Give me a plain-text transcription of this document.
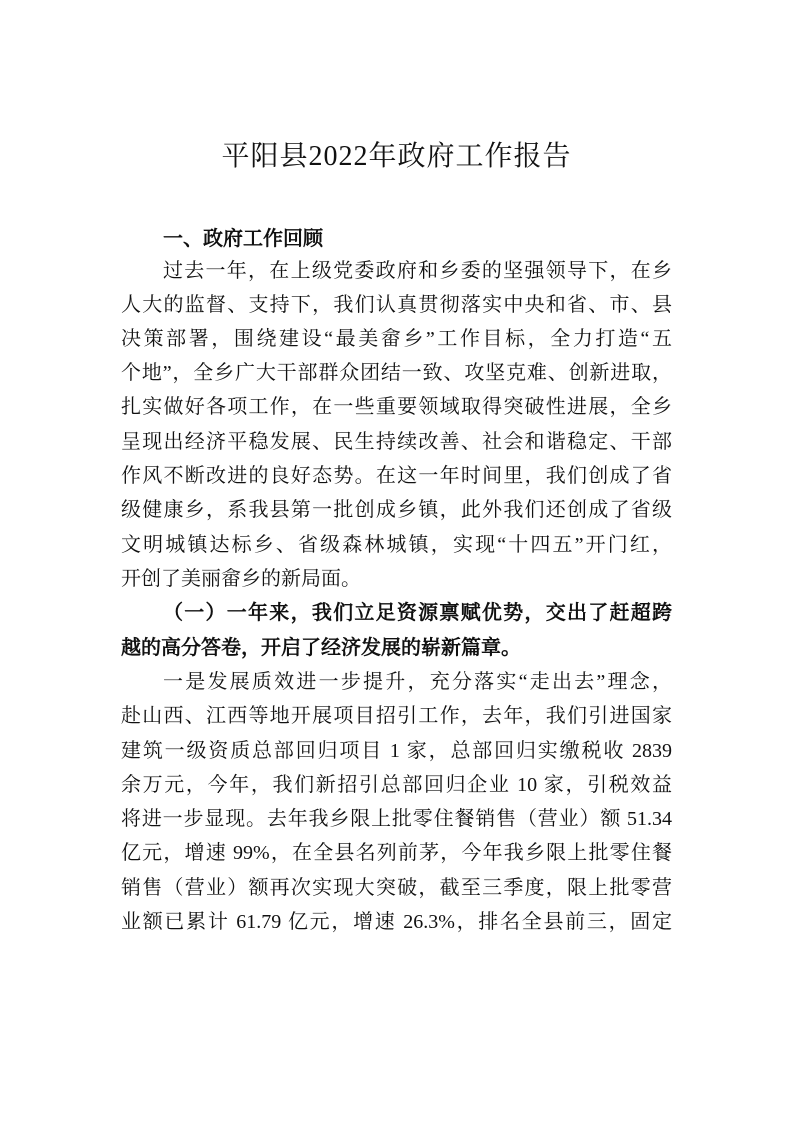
平阳县2022年政府工作报告
一、政府工作回顾
过去一年，在上级党委政府和乡委的坚强领导下，在乡
人大的监督、支持下，我们认真贯彻落实中央和省、市、县
决策部署，围绕建设“最美畲乡”工作目标，全力打造“五
个地”，全乡广大干部群众团结一致、攻坚克难、创新进取，
扎实做好各项工作，在一些重要领域取得突破性进展，全乡
呈现出经济平稳发展、民生持续改善、社会和谐稳定、干部
作风不断改进的良好态势。在这一年时间里，我们创成了省
级健康乡，系我县第一批创成乡镇，此外我们还创成了省级
文明城镇达标乡、省级森林城镇，实现“十四五”开门红，
开创了美丽畲乡的新局面。
（一）一年来，我们立足资源禀赋优势，交出了赶超跨
越的高分答卷，开启了经济发展的崭新篇章。
一是发展质效进一步提升，充分落实“走出去”理念，
赴山西、江西等地开展项目招引工作，去年，我们引进国家
建筑一级资质总部回归项目 1 家，总部回归实缴税收 2839
余万元，今年，我们新招引总部回归企业 10 家，引税效益
将进一步显现。去年我乡限上批零住餐销售（营业）额 51.34
亿元，增速 99%，在全县名列前茅，今年我乡限上批零住餐
销售（营业）额再次实现大突破，截至三季度，限上批零营
业额已累计 61.79 亿元，增速 26.3%，排名全县前三，固定
